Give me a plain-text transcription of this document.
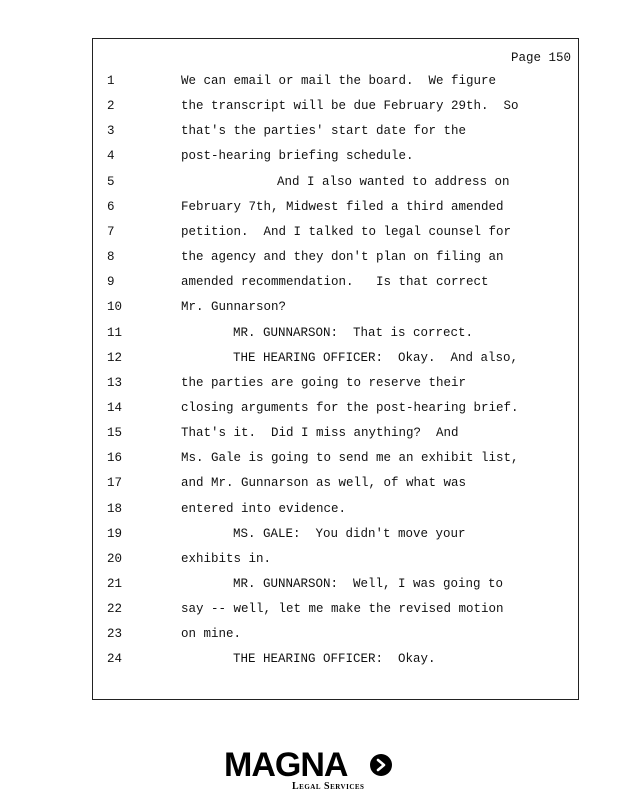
Page 150
1	We can email or mail the board.  We figure
2	the transcript will be due February 29th.  So
3	that's the parties' start date for the
4	post-hearing briefing schedule.
5	And I also wanted to address on
6	February 7th, Midwest filed a third amended
7	petition.  And I talked to legal counsel for
8	the agency and they don't plan on filing an
9	amended recommendation.   Is that correct
10	Mr. Gunnarson?
11	MR. GUNNARSON:  That is correct.
12	THE HEARING OFFICER:  Okay.  And also,
13	the parties are going to reserve their
14	closing arguments for the post-hearing brief.
15	That's it.  Did I miss anything?  And
16	Ms. Gale is going to send me an exhibit list,
17	and Mr. Gunnarson as well, of what was
18	entered into evidence.
19	MS. GALE:  You didn't move your
20	exhibits in.
21	MR. GUNNARSON:  Well, I was going to
22	say -- well, let me make the revised motion
23	on mine.
24	THE HEARING OFFICER:  Okay.
MAGNA
Legal Services
